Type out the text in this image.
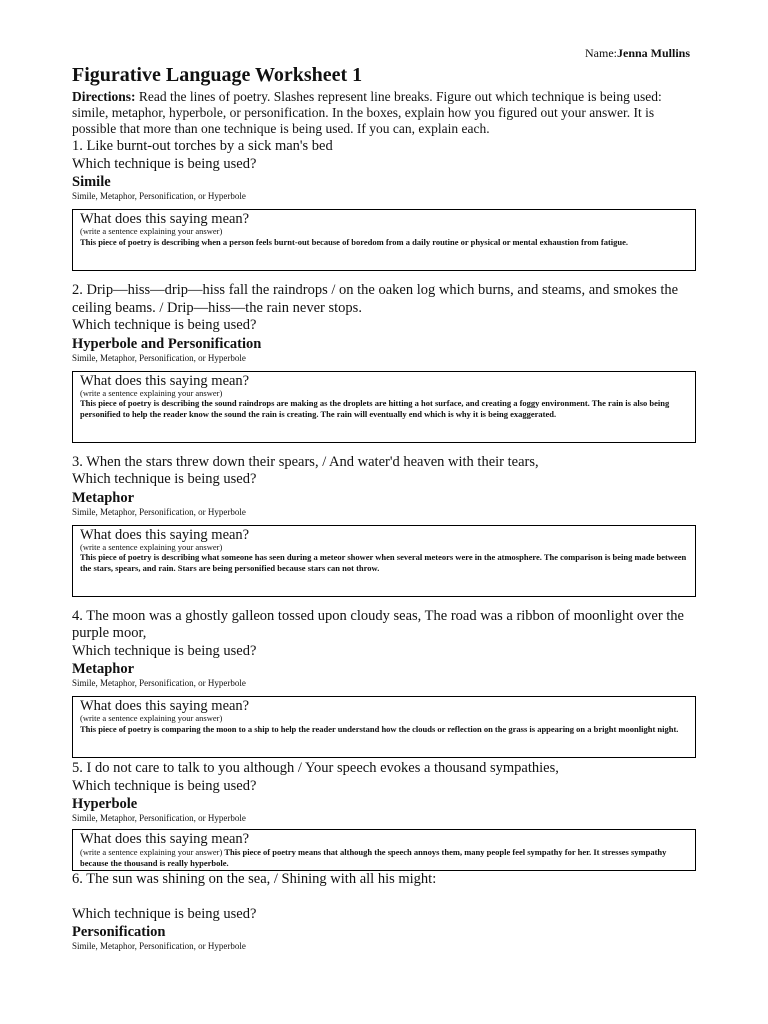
Name:Jenna Mullins
Figurative Language Worksheet 1

Directions: Read the lines of poetry. Slashes represent line breaks. Figure out which technique is being used: simile, metaphor, hyperbole, or personification. In the boxes, explain how you figured out your answer. It is possible that more than one technique is being used. If you can, explain each.

1. Like burnt-out torches by a sick man's bed

Which technique is being used?

Simile

Simile, Metaphor, Personification, or Hyperbole

What does this saying mean?
(write a sentence explaining your answer)
This piece of poetry is describing when a person feels burnt-out because of boredom from a daily routine or physical or mental exhaustion from fatigue.

2. Drip—hiss—drip—hiss fall the raindrops / on the oaken log which burns, and steams, and smokes the ceiling beams. / Drip—hiss—the rain never stops.

Which technique is being used?

Hyperbole and Personification

Simile, Metaphor, Personification, or Hyperbole

What does this saying mean?
(write a sentence explaining your answer)
This piece of poetry is describing the sound raindrops are making as the droplets are hitting a hot surface, and creating a foggy environment. The rain is also being personified to help the reader know the sound the rain is creating. The rain will eventually end which is why it is being exaggerated.

3. When the stars threw down their spears, / And water'd heaven with their tears,

Which technique is being used?

Metaphor

Simile, Metaphor, Personification, or Hyperbole

What does this saying mean?
(write a sentence explaining your answer)
This piece of poetry is describing what someone has seen during a meteor shower when several meteors were in the atmosphere. The comparison is being made between the stars, spears, and rain. Stars are being personified because stars can not throw.

4. The moon was a ghostly galleon tossed upon cloudy seas, The road was a ribbon of moonlight over the purple moor,

Which technique is being used?

Metaphor

Simile, Metaphor, Personification, or Hyperbole

What does this saying mean?
(write a sentence explaining your answer)
This piece of poetry is comparing the moon to a ship to help the reader understand how the clouds or reflection on the grass is appearing on a bright moonlight night.

5. I do not care to talk to you although / Your speech evokes a thousand sympathies,

Which technique is being used?

Hyperbole

Simile, Metaphor, Personification, or Hyperbole

What does this saying mean?
(write a sentence explaining your answer) This piece of poetry means that although the speech annoys them, many people feel sympathy for her. It stresses sympathy because the thousand is really hyperbole.

6. The sun was shining on the sea, / Shining with all his might:

Which technique is being used?

Personification

Simile, Metaphor, Personification, or Hyperbole
